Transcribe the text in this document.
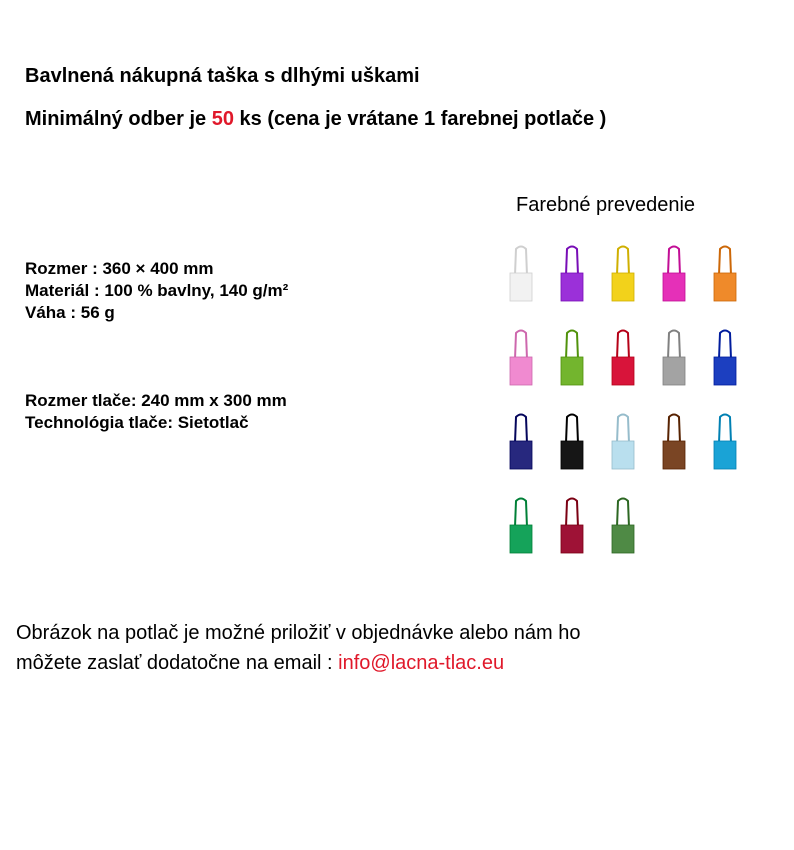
Bavlnená nákupná taška s dlhými uškami
Minimálný odber je 50 ks (cena je vrátane 1 farebnej potlače )
Rozmer : 360 × 400 mm
Materiál : 100 % bavlny, 140 g/m²
Váha : 56 g
Rozmer tlače: 240 mm x 300 mm
Technológia tlače: Sietotlač
Farebné prevedenie
Obrázok na potlač je možné priložiť v objednávke alebo nám ho
môžete zaslať dodatočne na email : info@lacna-tlac.eu
